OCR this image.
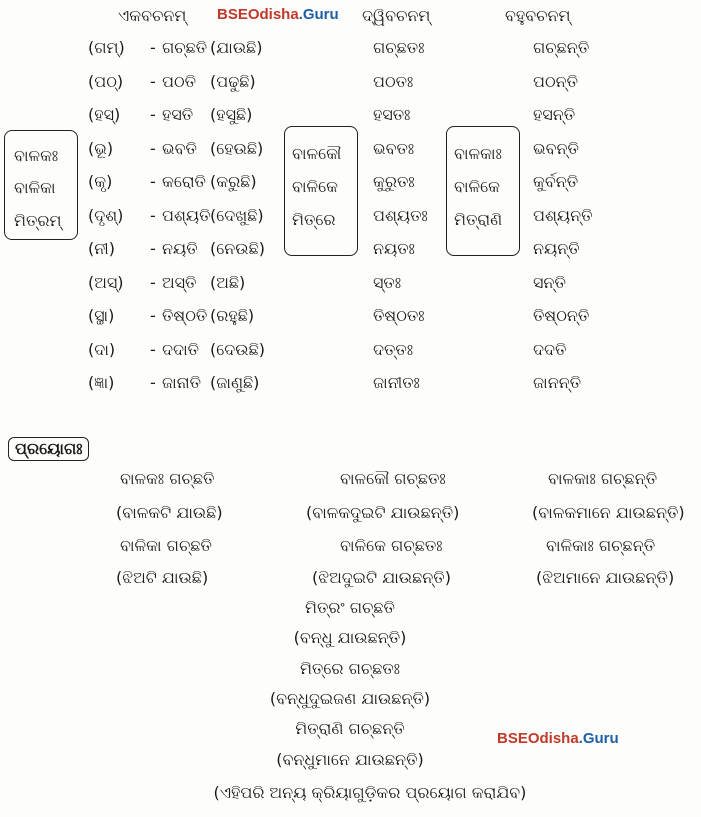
ଏକବଚନମ୍ BSEOdisha.Guru ଦ୍ୱିବଚନମ୍	ବହୁବଚନମ୍
ବାଳକଃ
ବାଳିକା
ମିତ୍ରମ୍
ବାଳକୌ
ବାଳିକେ
ମିତ୍ରେ
ବାଳକାଃ
ବାଳିକେ
ମିତ୍ରାଣି
(ଗମ୍) - ଗଚ୍ଛତି (ଯାଉଛି)	ଗଚ୍ଛତଃ	ଗଚ୍ଛନ୍ତି
(ପଠ୍) - ପଠତି (ପଢୁଛି)	ପଠତଃ	ପଠନ୍ତି
(ହସ୍) - ହସତି (ହସୁଛି)	ହସତଃ	ହସନ୍ତି
(ଭୂ) - ଭବତି (ହେଉଛି)	ଭବତଃ	ଭବନ୍ତି
(କୃ) - କରୋତି (କରୁଛି)	କୁରୁତଃ	କୁର୍ବନ୍ତି
(ଦୃଶ୍) - ପଶ୍ୟତି (ଦେଖୁଛି)	ପଶ୍ୟତଃ	ପଶ୍ୟନ୍ତି
(ନୀ) - ନୟତି (ନେଉଛି)	ନୟତଃ	ନୟନ୍ତି
(ଅସ୍) - ଅସ୍ତି (ଅଛି)	ସ୍ତଃ	ସନ୍ତି
(ସ୍ଥା) - ତିଷ୍ଠତି (ରହୁଛି)	ତିଷ୍ଠତଃ	ତିଷ୍ଠନ୍ତି
(ଦା) - ଦଦାତି (ଦେଉଛି)	ଦତ୍ତଃ	ଦଦତି
(ଜ୍ଞା) - ଜାନାତି (ଜାଣୁଛି)	ଜାନୀତଃ	ଜାନନ୍ତି
ପ୍ରୟୋଗଃ
ବାଳକଃ ଗଚ୍ଛତି
(ବାଳକଟି ଯାଉଛି)
ବାଳିକା ଗଚ୍ଛତି
(ଝିଅଟି ଯାଉଛି)
ବାଳକୌ ଗଚ୍ଛତଃ
(ବାଳକଦୁଇଟି ଯାଉଛନ୍ତି)
ବାଳିକେ ଗଚ୍ଛତଃ
(ଝିଅଦୁଇଟି ଯାଉଛନ୍ତି)
ବାଳକାଃ ଗଚ୍ଛନ୍ତି
(ବାଳକମାନେ ଯାଉଛନ୍ତି)
ବାଳିକାଃ ଗଚ୍ଛନ୍ତି
(ଝିଅମାନେ ଯାଉଛନ୍ତି)
ମିତ୍ରଂ ଗଚ୍ଛତି
(ବନ୍ଧୁ ଯାଉଛନ୍ତି)
ମିତ୍ରେ ଗଚ୍ଛତଃ
(ବନ୍ଧୁଦୁଇଜଣ ଯାଉଛନ୍ତି)
ମିତ୍ରାଣି ଗଚ୍ଛନ୍ତି
(ବନ୍ଧୁମାନେ ଯାଉଛନ୍ତି)
BSEOdisha.Guru
(ଏହିପରି ଅନ୍ୟ କ୍ରିୟାଗୁଡ଼ିକର ପ୍ରୟୋଗ କରାଯିବ)
